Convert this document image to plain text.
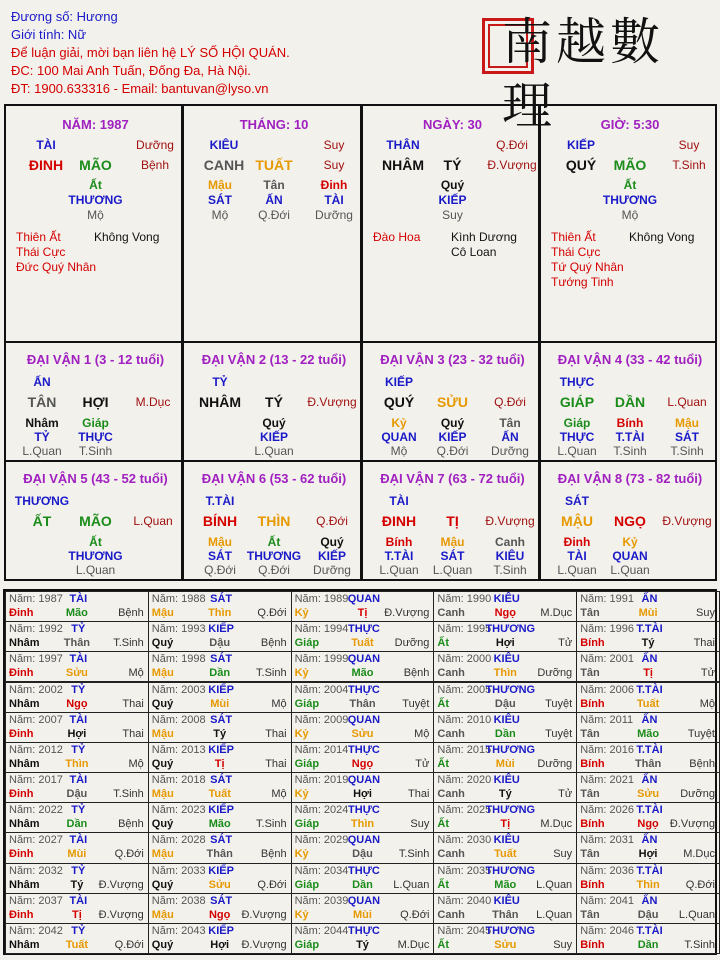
Đương số: Hương
Giới tính: Nữ
Để luận giải, mời bạn liên hệ LÝ SỐ HỘI QUÁN.
ĐC: 100 Mai Anh Tuấn, Đống Đa, Hà Nội.
ĐT: 1900.633316 - Email: bantuvan@lyso.vn
南越數理
NĂM: 1987
TÀI	Dưỡng
ĐINH MÃO Bệnh
Ất
THƯƠNG
Mộ
Thiên Ất
Thái Cực
Đức Quý Nhân
Không Vong
THÁNG: 10
KIÊU	Suy
CANH TUẤT	Suy
Mậu
SÁT
Mộ
Tân
ẤN
Q.Đới
Đinh
TÀI
Dưỡng
NGÀY: 30
THÂN	Q.Đới
NHÂM TÝ Đ.Vượng
Quý
KIẾP
Suy
Đào Hoa	Kình Dương
Cô Loan
GIỜ: 5:30
KIẾP	Suy
QUÝ MÃO T.Sinh
Ất
THƯƠNG
Mộ
Thiên Ất
Thái Cực
Tứ Quý Nhân
Tướng Tinh
Không Vong
ĐẠI VẬN 1 (3 - 12 tuổi)
ẤN
TÂN HỢI M.Dục
Nhâm
TỶ
L.Quan
Giáp
THỰC
T.Sinh
ĐẠI VẬN 2 (13 - 22 tuổi)
TỶ
NHÂM TÝ Đ.Vượng
Quý
KIẾP
L.Quan
ĐẠI VẬN 3 (23 - 32 tuổi)
KIẾP
QUÝ SỬU Q.Đới
Kỷ
QUAN
Mộ
Quý
KIẾP
Q.Đới
Tân
ẤN
Dưỡng
ĐẠI VẬN 4 (33 - 42 tuổi)
THỰC
GIÁP DẦN L.Quan
Giáp
THỰC
L.Quan
Bính
T.TÀI
T.Sinh
Mậu
SÁT
T.Sinh
ĐẠI VẬN 5 (43 - 52 tuổi)
THƯƠNG
ẤT MÃO L.Quan
Ất
THƯƠNG
L.Quan
ĐẠI VẬN 6 (53 - 62 tuổi)
T.TÀI
BÍNH THÌN Q.Đới
Mậu
SÁT
Q.Đới
Ất
THƯƠNG
Q.Đới
Quý
KIẾP
Dưỡng
ĐẠI VẬN 7 (63 - 72 tuổi)
TÀI
ĐINH TỊ Đ.Vượng
Bính
T.TÀI
L.Quan
Mậu
SÁT
L.Quan
Canh
KIÊU
T.Sinh
ĐẠI VẬN 8 (73 - 82 tuổi)
SÁT
MẬU NGỌ Đ.Vượng
Đinh
TÀI
L.Quan
Kỷ
QUAN
L.Quan
Năm: 1987 TÀI
Đinh	Mão	Bệnh
Năm: 1988 SÁT
Mậu	Thìn	Q.Đới
Năm: 1989 QUAN
Kỷ	Tị	Đ.Vượng
Năm: 1990 KIÊU
Canh	Ngọ	M.Dục
Năm: 1991 ẤN
Tân	Mùi	Suy
Năm: 1992 TỶ
Nhâm	Thân	T.Sinh
Năm: 1993 KIẾP
Quý	Dậu	Bệnh
Năm: 1994 THỰC
Giáp	Tuất	Dưỡng
Năm: 1995
THƯƠNG
Ất	Hợi	Tử
Năm: 1996 T.TÀI
Bính	Tý	Thai
Năm: 1997 TÀI
Đinh	Sửu	Mộ
Năm: 1998 SÁT
Mậu	Dần	T.Sinh
Năm: 1999 QUAN
Kỷ	Mão	Bệnh
Năm: 2000 KIÊU
Canh	Thìn	Dưỡng
Năm: 2001 ẤN
Tân	Tị	Tử
Năm: 2002 TỶ
Nhâm	Ngọ	Thai
Năm: 2003 KIẾP
Quý	Mùi	Mộ
Năm: 2004 THỰC
Giáp	Thân	Tuyệt
Năm: 2005
THƯƠNG
Ất	Dậu	Tuyệt
Năm: 2006 T.TÀI
Bính	Tuất	Mộ
Năm: 2007 TÀI
Đinh	Hợi	Thai
Năm: 2008 SÁT
Mậu	Tý	Thai
Năm: 2009 QUAN
Kỷ	Sửu	Mộ
Năm: 2010 KIÊU
Canh	Dần	Tuyệt
Năm: 2011 ẤN
Tân	Mão	Tuyệt
Năm: 2012 TỶ
Nhâm	Thìn	Mộ
Năm: 2013 KIẾP
Quý	Tị	Thai
Năm: 2014 THỰC
Giáp	Ngọ	Tử
Năm: 2015
THƯƠNG
Ất	Mùi	Dưỡng
Năm: 2016 T.TÀI
Bính	Thân	Bệnh
Năm: 2017 TÀI
Đinh	Dậu	T.Sinh
Năm: 2018 SÁT
Mậu	Tuất	Mộ
Năm: 2019 QUAN
Kỷ	Hợi	Thai
Năm: 2020 KIÊU
Canh	Tý	Tử
Năm: 2021 ẤN
Tân	Sửu	Dưỡng
Năm: 2022 TỶ
Nhâm	Dần	Bệnh
Năm: 2023 KIẾP
Quý	Mão	T.Sinh
Năm: 2024 THỰC
Giáp	Thìn	Suy
Năm: 2025
THƯƠNG
Ất	Tị	M.Dục
Năm: 2026 T.TÀI
Bính	Ngọ	Đ.Vượng
Năm: 2027 TÀI
Đinh	Mùi	Q.Đới
Năm: 2028 SÁT
Mậu	Thân	Bệnh
Năm: 2029 QUAN
Kỷ	Dậu	T.Sinh
Năm: 2030 KIÊU
Canh	Tuất	Suy
Năm: 2031 ẤN
Tân	Hợi	M.Dục
Năm: 2032 TỶ
Nhâm	Tý	Đ.Vượng
Năm: 2033 KIẾP
Quý	Sửu	Q.Đới
Năm: 2034 THỰC
Giáp	Dần	L.Quan
Năm: 2035
THƯƠNG
Ất	Mão	L.Quan
Năm: 2036 T.TÀI
Bính	Thìn	Q.Đới
Năm: 2037 TÀI
Đinh	Tị	Đ.Vượng
Năm: 2038 SÁT
Mậu	Ngọ	Đ.Vượng
Năm: 2039 QUAN
Kỷ	Mùi	Q.Đới
Năm: 2040 KIÊU
Canh	Thân	L.Quan
Năm: 2041 ẤN
Tân	Dậu	L.Quan
Năm: 2042 TỶ
Nhâm	Tuất	Q.Đới
Năm: 2043 KIẾP
Quý	Hợi	Đ.Vượng
Năm: 2044 THỰC
Giáp	Tý	M.Dục
Năm: 2045
THƯƠNG
Ất	Sửu	Suy
Năm: 2046 T.TÀI
Bính	Dần	T.Sinh
